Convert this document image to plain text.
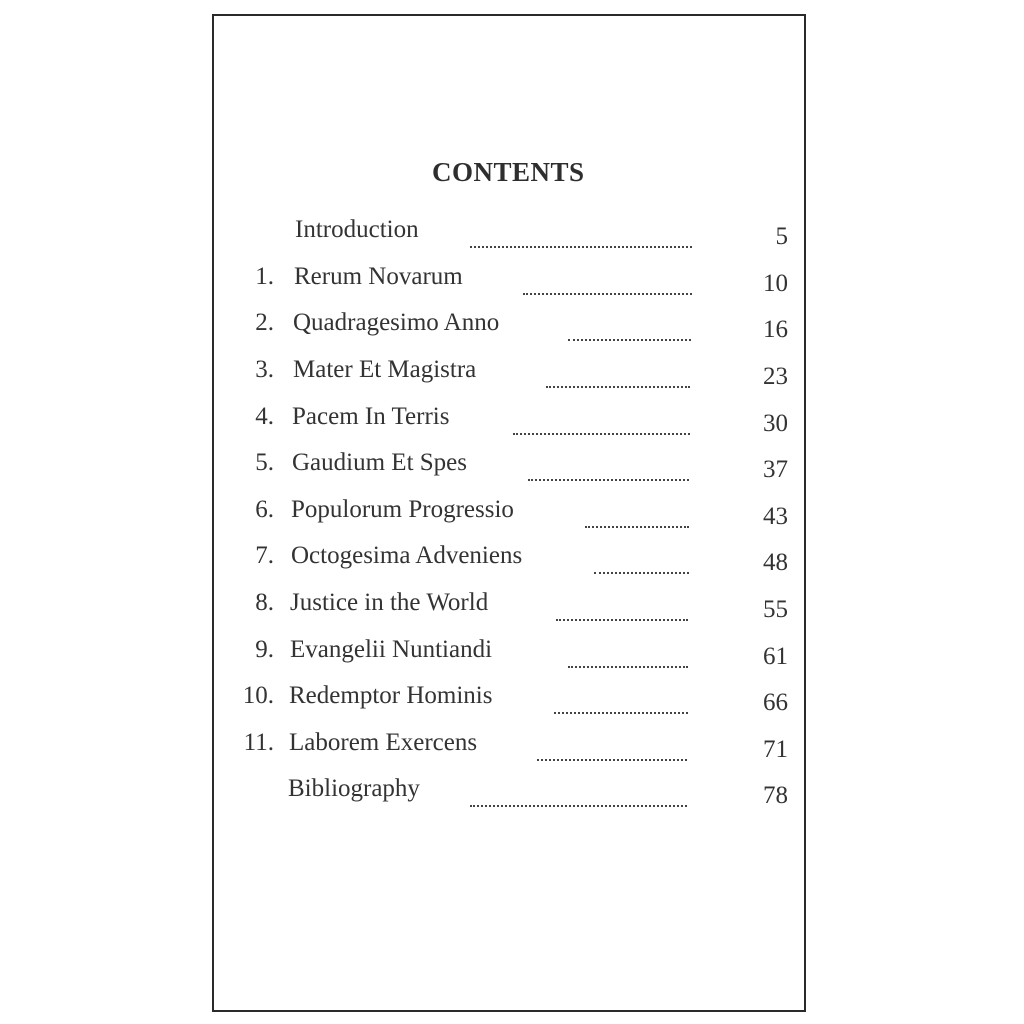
CONTENTS
Introduction	5
1. Rerum Novarum	10
2. Quadragesimo Anno	16
3. Mater Et Magistra	23
4. Pacem In Terris	30
5. Gaudium Et Spes	37
6. Populorum Progressio	43
7. Octogesima Adveniens	48
8. Justice in the World	55
9. Evangelii Nuntiandi	61
10. Redemptor Hominis	66
11. Laborem Exercens	71
Bibliography	78
